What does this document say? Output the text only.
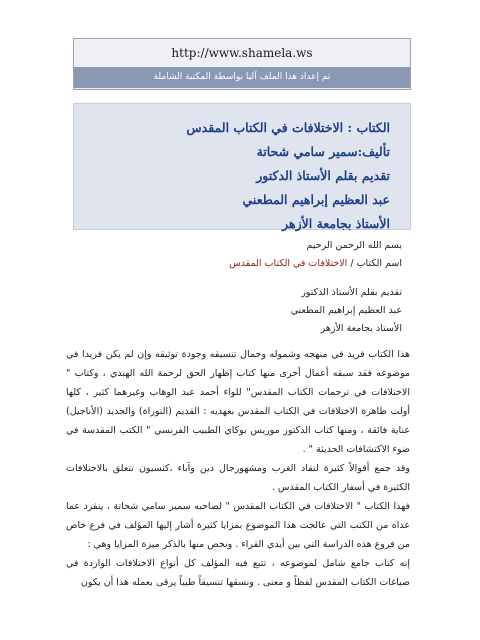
http://www.shamela.ws
تم إعداد هذا الملف آليا بواسطة المكتبة الشاملة
الكتاب : الاختلافات في الكتاب المقدس
تأليف:سمير سامي شحاتة
تقديم بقلم الأستاذ الدكتور
عبد العظيم إبراهيم المطعني
الأستاذ بجامعة الأزهر
بسم الله الرحمن الرحيم
اسم الكتاب / الاختلافات في الكتاب المقدس
تقديم بقلم الأستاذ الدكتور
عبد العظيم إبراهيم المطعني
الأستاذ بجامعة الأزهر

هذا الكتاب فريد في منهجه وشموله وجمال تنسيقه وجودة توثيقه وإن لم يكن فريدا في موضوعه فقد سبقه أعمال أخرى منها كتاب إظهار الحق لرحمة الله الهندي ، وكتاب " الاختلافات في ترجمات الكتاب المقدس" للواء أحمد عبد الوهاب وغيرهما كثير ، كلها أولت ظاهرة الاختلافات في الكتاب المقدس بعهديه : القديم (التوراة) والجديد (الأناجيل) عناية فائقة ، ومنها كتاب الدكتور موريس بوكاي الطبيب الفرنسي " الكتب المقدسة في ضوء الاكتشافات الحديثة " .

وقد جمع أقوالاً كثيرة لنقاد الغرب ومشهورجال دين وآباء ،كنسيون تتعلق بالاختلافات الكثيرة في أسفار الكتاب المقدس .

فهذا الكتاب " الاختلافات في الكتاب المقدس " لصاحبه سمير سامي شحاتة ، ينفرد عما عداه من الكتب التي عالجت هذا الموضوع بمزايا كثيرة أشار إليها المؤلف في فرع خاص من فروع هذه الدراسة التي بين أيدي القراء . ونخص منها بالذكر ميزة المزايا وهي :

إنه كتاب جامع شامل لموضوعه ، تتبع فيه المؤلف كل أنواع الاختلافات الواردة في صياغات الكتاب المقدس لفظاً و معنى . ونسقها تنسيقاً طيباً يرقى بعمله هذا أن يكون
